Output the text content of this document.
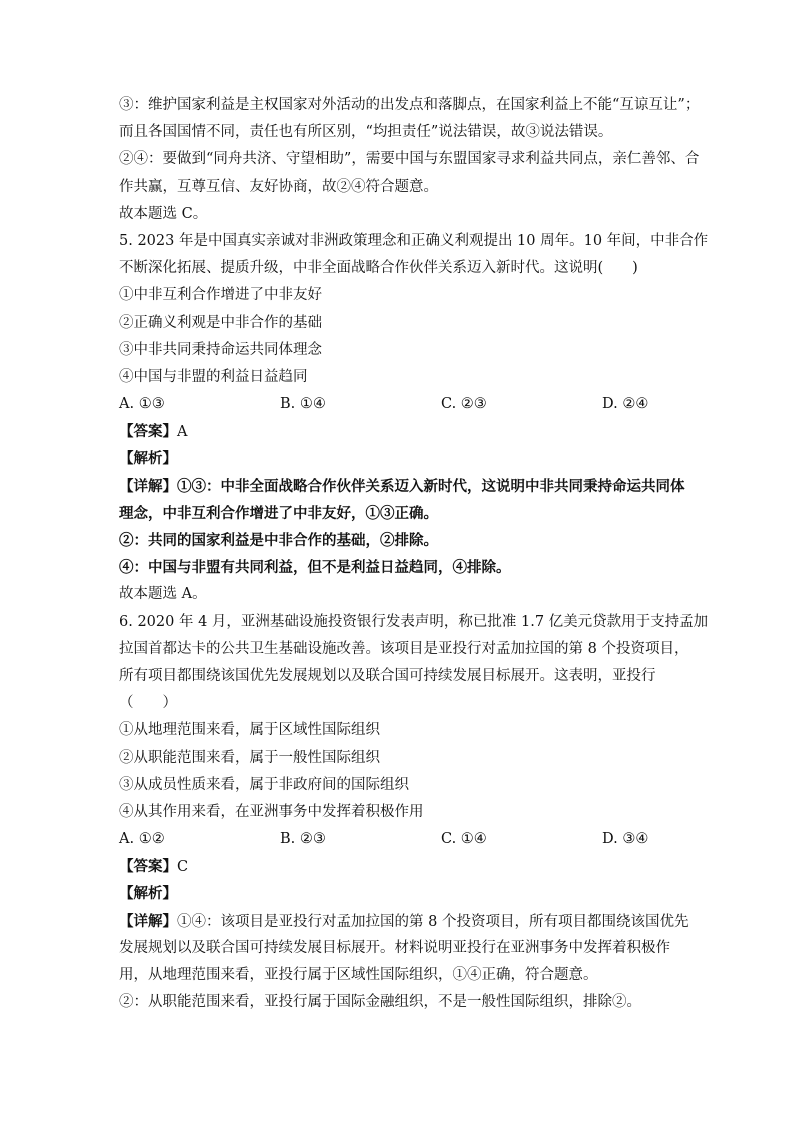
③：维护国家利益是主权国家对外活动的出发点和落脚点，在国家利益上不能“互谅互让”；
而且各国国情不同，责任也有所区别，“均担责任”说法错误，故③说法错误。
②④：要做到“同舟共济、守望相助”，需要中国与东盟国家寻求利益共同点，亲仁善邻、合
作共赢，互尊互信、友好协商，故②④符合题意。
故本题选 C。
5. 2023 年是中国真实亲诚对非洲政策理念和正确义利观提出 10 周年。10 年间，中非合作
不断深化拓展、提质升级，中非全面战略合作伙伴关系迈入新时代。这说明(　　)
①中非互利合作增进了中非友好
②正确义利观是中非合作的基础
③中非共同秉持命运共同体理念
④中国与非盟的利益日益趋同
A. ①③	B. ①④	C. ②③	D. ②④
【答案】A
【解析】
【详解】①③：中非全面战略合作伙伴关系迈入新时代，这说明中非共同秉持命运共同体
理念，中非互利合作增进了中非友好，①③正确。
②：共同的国家利益是中非合作的基础，②排除。
④：中国与非盟有共同利益，但不是利益日益趋同，④排除。
故本题选 A。
6. 2020 年 4 月，亚洲基础设施投资银行发表声明，称已批准 1.7 亿美元贷款用于支持孟加
拉国首都达卡的公共卫生基础设施改善。该项目是亚投行对孟加拉国的第 8 个投资项目，
所有项目都围绕该国优先发展规划以及联合国可持续发展目标展开。这表明，亚投行
（　　）
①从地理范围来看，属于区域性国际组织
②从职能范围来看，属于一般性国际组织
③从成员性质来看，属于非政府间的国际组织
④从其作用来看，在亚洲事务中发挥着积极作用
A. ①②	B. ②③	C. ①④	D. ③④
【答案】C
【解析】
【详解】①④：该项目是亚投行对孟加拉国的第 8 个投资项目，所有项目都围绕该国优先
发展规划以及联合国可持续发展目标展开。材料说明亚投行在亚洲事务中发挥着积极作
用，从地理范围来看，亚投行属于区域性国际组织，①④正确，符合题意。
②：从职能范围来看，亚投行属于国际金融组织，不是一般性国际组织，排除②。
